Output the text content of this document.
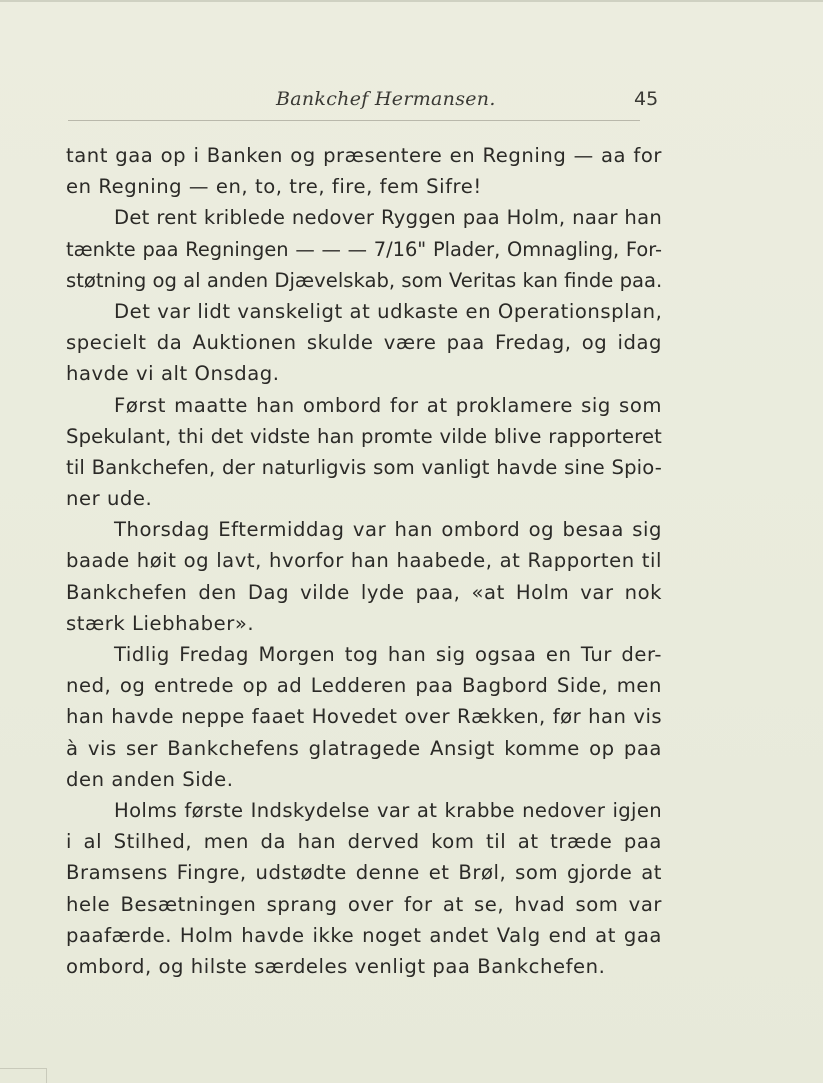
Bankchef Hermansen.	45
tant gaa op i Banken og præsentere en Regning — aa for
en Regning — en, to, tre, fire, fem Sifre!
Det rent kriblede nedover Ryggen paa Holm, naar han
tænkte paa Regningen — — — 7/16" Plader, Omnagling, For-
støtning og al anden Djævelskab, som Veritas kan finde paa.
Det var lidt vanskeligt at udkaste en Operationsplan,
specielt da Auktionen skulde være paa Fredag, og idag
havde vi alt Onsdag.
Først maatte han ombord for at proklamere sig som
Spekulant, thi det vidste han promte vilde blive rapporteret
til Bankchefen, der naturligvis som vanligt havde sine Spio-
ner ude.
Thorsdag Eftermiddag var han ombord og besaa sig
baade høit og lavt, hvorfor han haabede, at Rapporten til
Bankchefen den Dag vilde lyde paa, «at Holm var nok
stærk Liebhaber».
Tidlig Fredag Morgen tog han sig ogsaa en Tur der-
ned, og entrede op ad Ledderen paa Bagbord Side, men
han havde neppe faaet Hovedet over Rækken, før han vis
à vis ser Bankchefens glatragede Ansigt komme op paa
den anden Side.
Holms første Indskydelse var at krabbe nedover igjen
i al Stilhed, men da han derved kom til at træde paa
Bramsens Fingre, udstødte denne et Brøl, som gjorde at
hele Besætningen sprang over for at se, hvad som var
paafærde. Holm havde ikke noget andet Valg end at gaa
ombord, og hilste særdeles venligt paa Bankchefen.
